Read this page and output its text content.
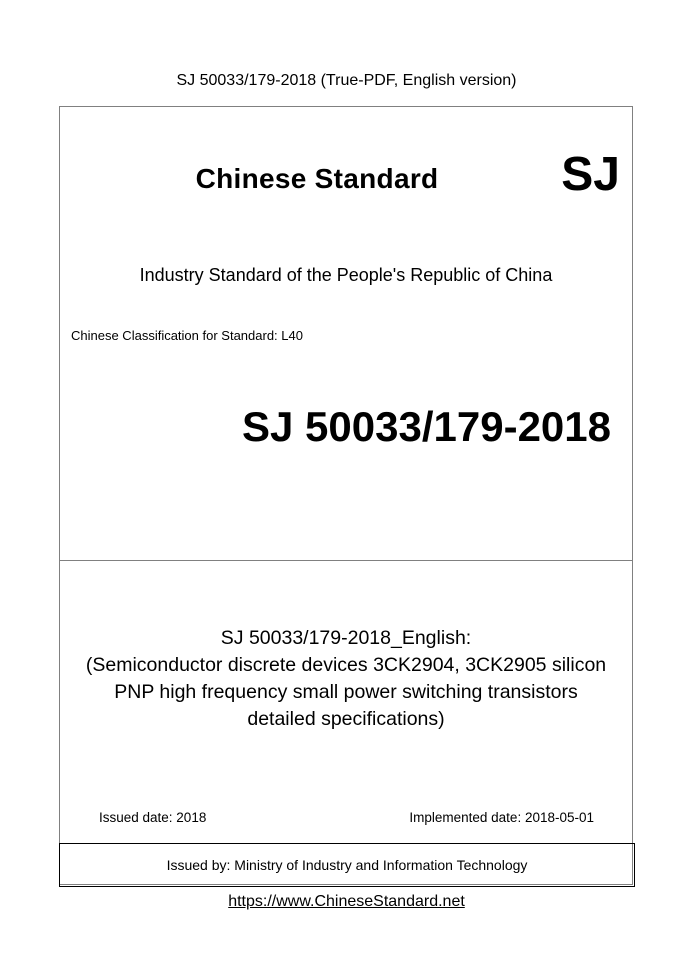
SJ 50033/179-2018 (True-PDF, English version)
Chinese Standard	SJ
Industry Standard of the People's Republic of China
Chinese Classification for Standard: L40
SJ 50033/179-2018
SJ 50033/179-2018_English:
(Semiconductor discrete devices 3CK2904, 3CK2905 silicon
PNP high frequency small power switching transistors
detailed specifications)
Issued date: 2018	Implemented date: 2018-05-01
Issued by: Ministry of Industry and Information Technology
https://www.ChineseStandard.net
